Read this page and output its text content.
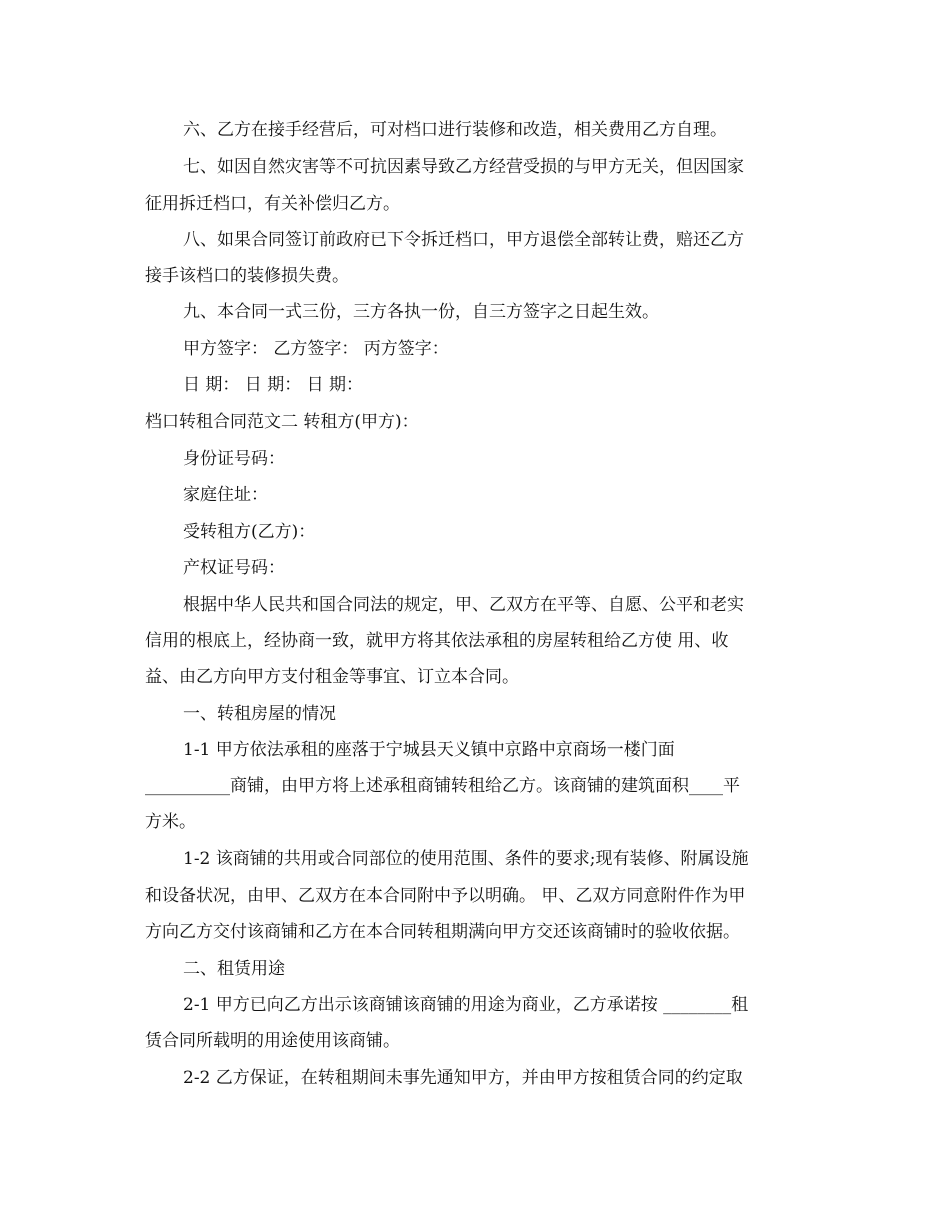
六、乙方在接手经营后，可对档口进行装修和改造，相关费用乙方自理。
七、如因自然灾害等不可抗因素导致乙方经营受损的与甲方无关，但因国家
征用拆迁档口，有关补偿归乙方。
八、如果合同签订前政府已下令拆迁档口，甲方退偿全部转让费，赔还乙方
接手该档口的装修损失费。
九、本合同一式三份，三方各执一份，自三方签字之日起生效。
甲方签字： 乙方签字： 丙方签字：
日 期： 日 期： 日 期：
档口转租合同范文二 转租方(甲方)：
身份证号码：
家庭住址：
受转租方(乙方)：
产权证号码：
根据中华人民共和国合同法的规定，甲、乙双方在平等、自愿、公平和老实
信用的根底上，经协商一致，就甲方将其依法承租的房屋转租给乙方使 用、收
益、由乙方向甲方支付租金等事宜、订立本合同。
一、转租房屋的情况
1-1 甲方依法承租的座落于宁城县天义镇中京路中京商场一楼门面
__________商铺，由甲方将上述承租商铺转租给乙方。该商铺的建筑面积____平
方米。
1-2 该商铺的共用或合同部位的使用范围、条件的要求;现有装修、附属设施
和设备状况，由甲、乙双方在本合同附中予以明确。 甲、乙双方同意附件作为甲
方向乙方交付该商铺和乙方在本合同转租期满向甲方交还该商铺时的验收依据。
二、租赁用途
2-1 甲方已向乙方出示该商铺该商铺的用途为商业，乙方承诺按 ________租
赁合同所载明的用途使用该商铺。
2-2 乙方保证，在转租期间未事先通知甲方，并由甲方按租赁合同的约定取
